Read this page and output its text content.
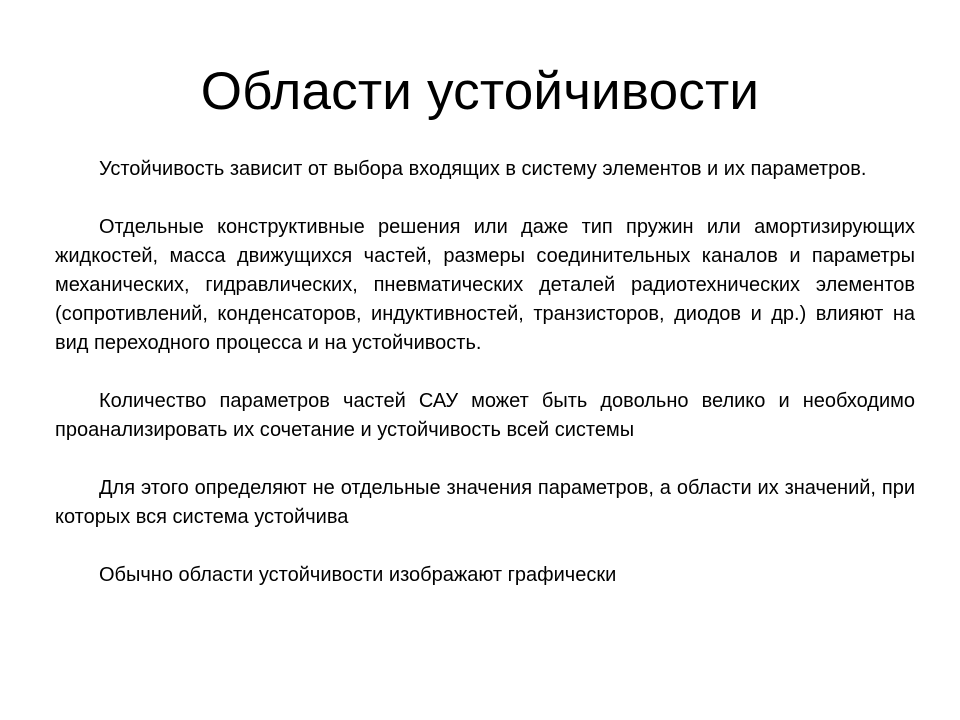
Области устойчивости

Устойчивость зависит от выбора входящих в систему элементов и их параметров.

Отдельные конструктивные решения или даже тип пружин или амортизирующих жидкостей, масса движущихся частей, размеры соединительных каналов и параметры механических, гидравлических, пневматических деталей радиотехнических элементов (сопротивлений, конденсаторов, индуктивностей, транзисторов, диодов и др.) влияют на вид переходного процесса и на устойчивость.

Количество параметров частей САУ может быть довольно велико и необходимо проанализировать их сочетание и устойчивость всей системы

Для этого определяют не отдельные значения параметров, а области их значений, при которых вся система устойчива

Обычно области устойчивости изображают графически
